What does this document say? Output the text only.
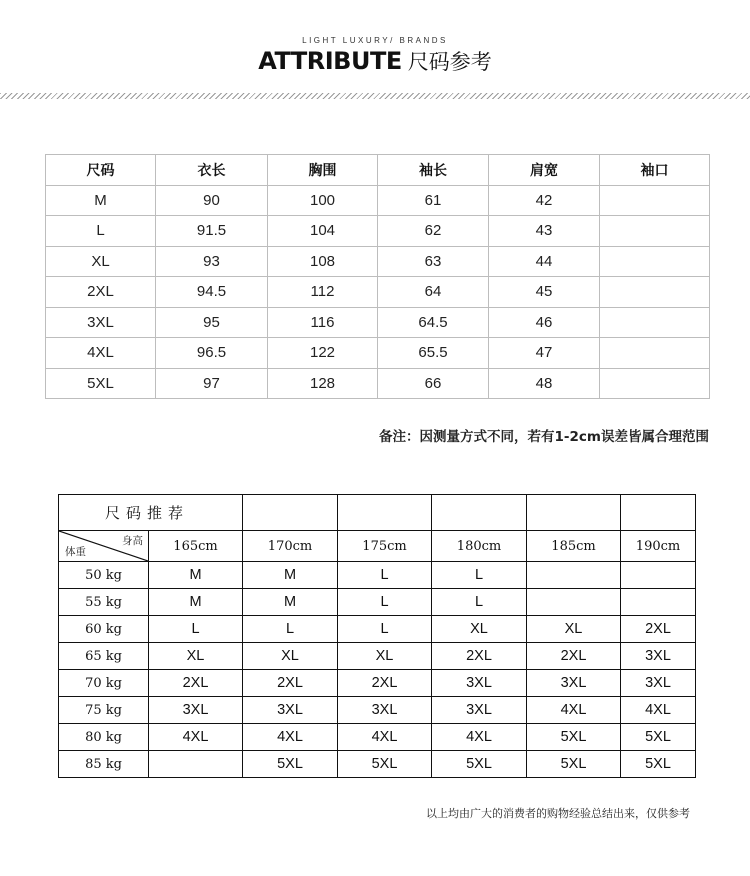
LIGHT LUXURY/ BRANDS
ATTRIBUTE 尺码参考
尺码	衣长	胸围	袖长	肩宽	袖口
M	90	100	61	42	
L	91.5	104	62	43	
XL	93	108	63	44	
2XL	94.5	112	64	45	
3XL	95	116	64.5	46	
4XL	96.5	122	65.5	47	
5XL	97	128	66	48	
备注：因测量方式不同，若有1-2cm误差皆属合理范围
尺码推荐						

身高
体重	165cm	170cm	175cm	180cm	185cm	190cm
50 kg	M	M	L	L		
55 kg	M	M	L	L		
60 kg	L	L	L	XL	XL	2XL
65 kg	XL	XL	XL	2XL	2XL	3XL
70 kg	2XL	2XL	2XL	3XL	3XL	3XL
75 kg	3XL	3XL	3XL	3XL	4XL	4XL
80 kg	4XL	4XL	4XL	4XL	5XL	5XL
85 kg		5XL	5XL	5XL	5XL	5XL
以上均由广大的消费者的购物经验总结出来，仅供参考
